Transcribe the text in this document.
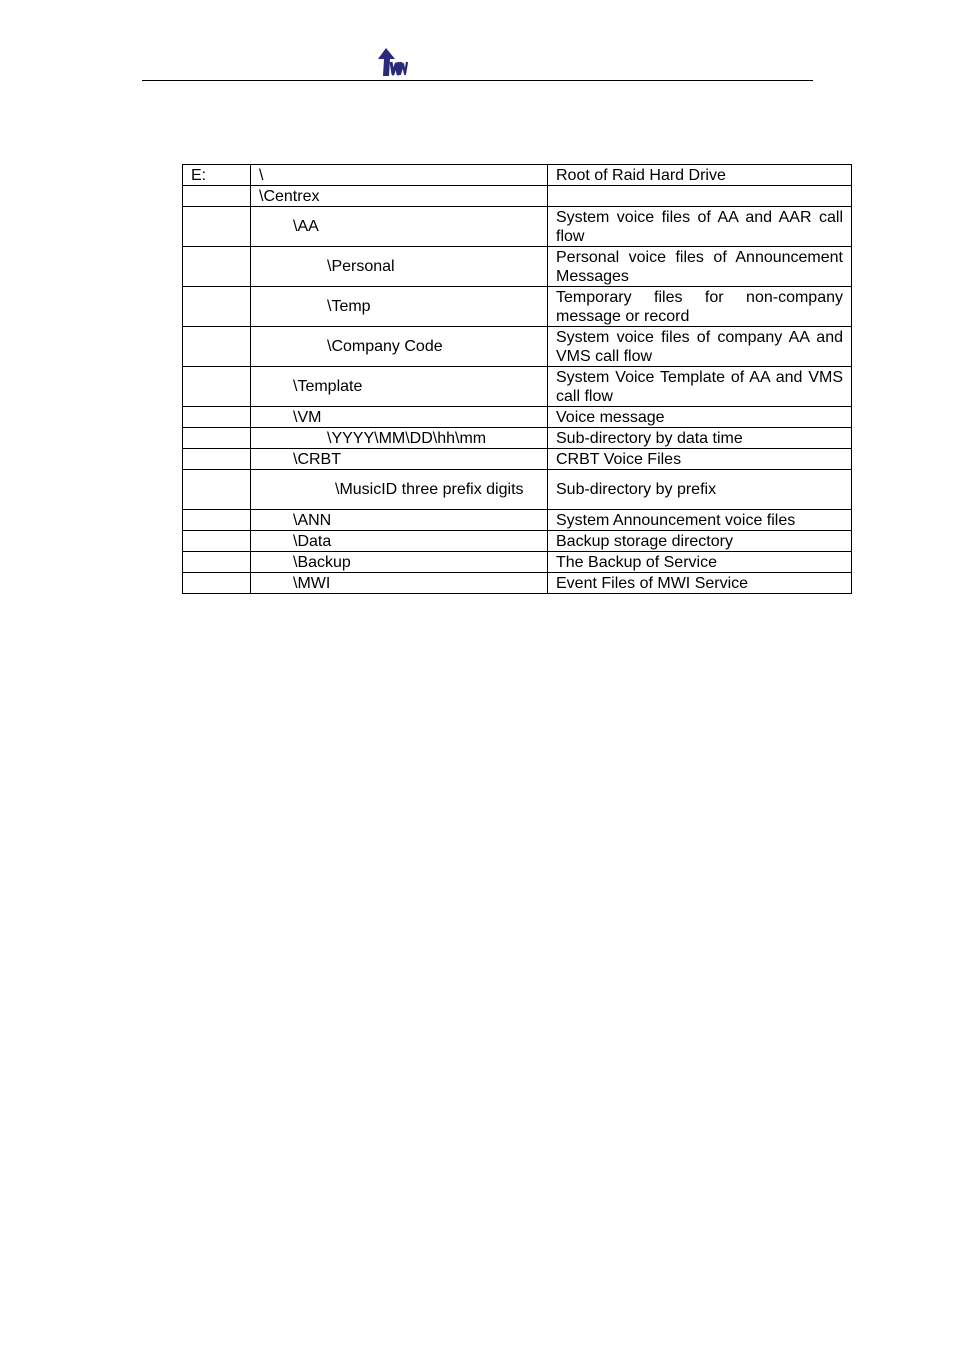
E:	\	Root of Raid Hard Drive
	\Centrex	
	\AA	System voice files of AA and AAR call flow
	\Personal	Personal voice files of Announcement Messages
	\Temp	Temporary files for non-company message or record
	\Company Code	System voice files of company AA and VMS call flow
	\Template	System Voice Template of AA and VMS call flow
	\VM	Voice message
	\YYYY\MM\DD\hh\mm	Sub-directory by data time
	\CRBT	CRBT Voice Files
	\MusicID three prefix digits	Sub-directory by prefix
	\ANN	System Announcement voice files
	\Data	Backup storage directory
	\Backup	The Backup of Service
	\MWI	Event Files of MWI Service
